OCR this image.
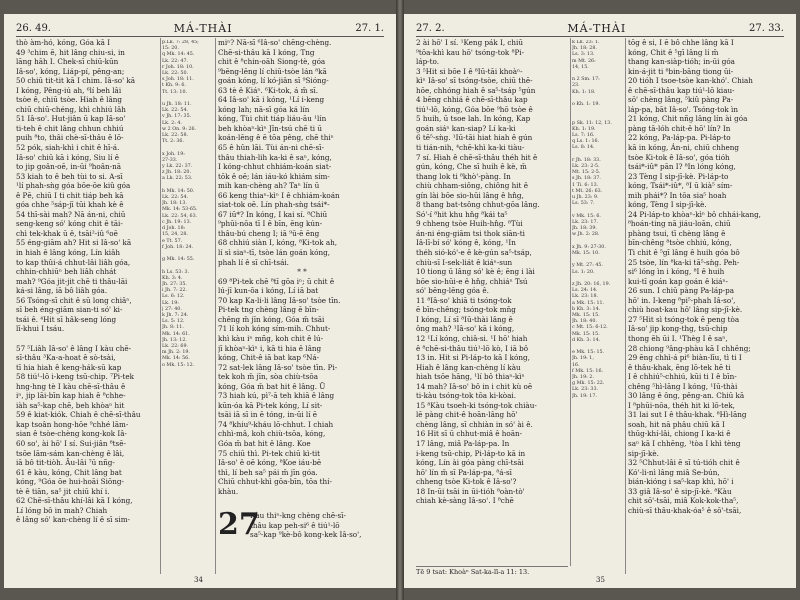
26. 49.	MÁ-THÀI	27. 1.
thò àm-hó, kóng, Góa kā I
49 ³chim ē, hit lâng chiu-si, in
lāng hāh I. Chek-sī chiū-kūn
Iâ-so', kóng, Liáp-pí, pêng-an;
50 chiū tit-tit kā I chim. Iâ-so' kā
I kóng, Pêng-iú ah, ⁶lí beh lâi
tsòe ê, chiū tsòe. Hiah ê lâng
chiū chiū-chéng, khì chhiú lâh
51 Iâ-so'. Hut-jiân ū kap Iâ-so'
ti-teh ê chit lâng chhun chhiú
puih ⁸to, thâi chè-sī-thâu ê lō-
52 pók, siah-khì i chit ê hī-á.
Iâ-so' chiū kā i kóng, Siu lí ê
to jip goân-oē, in-ūi ⁹hoân-nā
53 kiah to ê beh tùi to si. A-sī
¹lí phah-sǹg góa bōe-ōe kiû góa
ê Pē, chiū I ti chit tiáp beh kā
góa chhe ⁵sáp-jī tūi khah kè ê
54 thī-sài mah? Nā án-ni, chiū
seng-keng só' kóng chit ê tāi-
chì tek-khak ū ê, tsāi²-iû ⁶oē
55 éng-giām ah? Hit si Iâ-so' kā
in hiah ê lâng kóng, Lín kiâh
to kap thûi-á chhut-lâi liâh góa,
chhin-chhiūⁿ beh liâh chhát
mah? ⁹Góa jit-jit chē ti thâu-lāi
ká-si lâng, iā bô liâh góa.
56 Tsóng-sī chit ê sū long chiâⁿ,
sī beh éng-giām sian-ti só' ki-
tsái ê. ⁴Hit sī hâk-seng lóng
lī-khui I tsáu.

57 ⁵Liâh Iâ-so' ê lâng I kàu chē-
sī-thâu ³Ka-a-hoat ê sò-tsài,
tī hia hiah ê keng-hák-sū kap
58 tiú¹-lō i-keng tsū-chip. ⁷Pi-tek
hng-hng tè I kàu chē-sī-thâu ê
iⁿ, jip lāi-bīn kap hiah ê ⁸chhe-
iàh sa⁵-kap chē, beh khòaⁿ hit
59 ê kiat-kiók. Chiah ê chē-sī-thâu
kap tsoân hong-hōe ⁹chhé lām-
sian ê tsòe-chèng kong-kok Iâ-
60 so', ài hō' I sí. Sui-jiân ⁸tsē-
tsōe lām-sám kan-chèng ê lâi,
iā bô tit-tiòh. Āu-lâi ⁷ū nñg-
61 ê kàu, kóng, Chit lâng bat
kóng, ⁹Góa ōe hui-hoāi Siōng-
tè ê tiān, sa⁵ jit chiū khí i.
62 Chē-sī-thâu khí-lâi kā I kóng,
Lí lóng bô in mah? Chiah
ê lâng só' kan-chèng lí ê sī sim-
p.Lk. 7: 28, 45;
15: 20.
q Mk. 14: 45.
Lk. 22: 47.
r Joh. 18: 10.
Lk. 22: 50.
s Joh. 18: 11.
t Kh. 9: 6.
Tt. 13: 10.

u Jh. 18: 11.
Lk. 22: 54.
v Jh. 17: 35.
Lk. 2: 4.
w 2 On. 9: 26.
Lk. 22: 58.
Tt. 2: 36.

x Joh. 19:
27-33.
y Lk. 22: 37.
z Jh. 18: 20.
a Lk. 22: 53.

b Mk. 14: 50.
Lk. 22: 54.
Jh. 18: 13.
Mk. 14: 53-65.
Lk. 22: 54, 63.
c Jh. 19: 13.
d Joh. 18:
15, 24, 28.
e Tt. 57.
f Joh. 18: 24.

g Mk. 14: 55.

h Ls. 53: 3.
Kh. 3: 4.
Jh. 27: 35.
i Jh. 7: 22.
Ls. 6: 12.
Lk. 19:
j 27: 40.
k Jh. 7: 24.
Ls. 5: 12.
Jh. 8: 11.
Mk. 14: 61.
Jh. 13: 12.
Lk. 22: 69.
m Jh. 2: 19.
Mk. 14: 56.
o Mk. 15: 12.
miⁿ? Nā-sī ⁶Iâ-so' chēng-chèng.
Chē-si-thâu kā I kóng, Tng
chit ê ⁸chin-oāh Siong-tè, góa
⁹bēng-lēng lí chiū-tsòe lán ⁸kā
goán kóng, lí kó-jiân sī ⁹Sióng-
63 tè ê Kiáⁿ. ⁶Ki-tok, á m̄ sī.
64 Iâ-so' kā i kóng, ¹Lí i-keng
kóng lah; nā-sī góa ká lín
kóng, Tùi chit tiáp liáu-āu ¹lín
beh khòaⁿ-kìⁿ Jîn-tsú chē ti ū
koán-lēng ê ē tōa pêng, chē thiⁿ
65 ê hûn lāi. Tùi án-ni chē-sī-
thâu thiah-lih ka-ki ê saⁿ, kóng,
I kóng-chhut chhiám-koán siat-
tōk ê oē; lán iáu-kó khiám sím-
mih kan-chèng ah? Taⁿ lín ū
66 keng thiaⁿ-kìⁿ I ê chhiám-koán
siat-tok oē. Lín phah-sǹg tsái*-
67 iū*? In kóng, I kai sí. ⁸Chiū
⁹phūi-nōa tī I ê bīn, ēng kún-
thâu-bú cheng I; iā ⁹ū-ē ēng
68 chhiú siàn I, kóng, ⁸Ki-tok ah,
lí sì siaⁿ-tī, tsòe lán goán kóng,
phah lí ê sī chī-tsái.
* *
69 ⁸Pi-tek chē ⁸tī gōa iⁿ; ū chit ê
lú-jī kun-ōa i kóng, Lí iā bat
70 kap Ka-li-li lâng Iâ-so' tsòe tīn.
Pi-tek tng chèng lâng ē bīn-
chêng m̄ jīn kóng, Góa m̄ tsāi
71 lí koh kóng sím-mih. Chhut-
khì kàu iⁿ mñg, koh chit ê lú-
jī khòaⁿ-kìⁿ i, kā ti hia ê lâng
kóng, Chit-ê iā bat kap ⁶Ná-
72 sat-lek lâng Iâ-so' tsòe tīn. Pi-
tek koh m̄ jīn, sòa chiù-tsōa
kóng, Góa m̄ bat hit ê lâng. Ū
73 hiah kú, pì⁷-ā teh khiā ê lâng
kūn-óa kā Pi-tek kóng, Lí sit-
tsāi iā sī in ē tóng, in-ūi lí ē
74 ⁸khiu⁹-kháu lō-chhut. I chiah
chhì-mâ, koh chiù-tsōa, kóng,
Góa m̄ bat hit ê lâng. Koe
75 chiū thì. Pi-tek chiū kì-tit
Iâ-so' ê oē kóng, ⁸Koe iáu-bē
thì, lí beh sa⁵ pái m̄ jīn góa.
Chiū chhut-khì gōa-bīn, tōa thí-
khàu.
27
Kàu thiⁿ-kng chèng chē-sī-
thâu kap peh-si⁶ ê tiú¹-lō
sa⁵-kap ⁹kè-bô kong-kek Iâ-so',
34
27. 2.	MÁ-THÀI	27. 33.
2 ài hō' I sí. ¹Keng pák I, chiū
⁹tōa-khì kau hō' tsóng-tok ⁸Pi-
láp-to.
3 ⁵Hit si bōe I ê ⁸Iū-tāi khoàⁿ-
kìⁿ Iâ-so' sī tsóng-tsòe, chiū thē-
hōe, chhóng hiah ê sa⁵-tsáp ⁵gún
4 bēng chhiá ê chē-sī-thâu kap
tiú¹-lō, kóng, Góa bōe ⁹hō tsòe ê
5 huih, ū tsoe lah. In kóng, Kap
goán siáⁿ kan-siap? Lí ka-ki
6 tē⁵-sǹg. ¹Iū-tāi hiat hiah ê gún
ti tián-nih, ⁴chē-khì ka-ki tiàu-
7 sí. Hiah ê chē-sī-thâu théh hit ê
gún, kóng, Che sī huih ê kè, m̄
thang lok ti ⁸khò'-pàng. In
chiù chham-siông, chiông hit ê
gín lài bōe sio-hūi lâng ê hn̂g,
8 thang bat-tsông chhut-gōa lâng.
Só'-í ⁸hit khu hn̂g ⁸kái ta⁵
9 chheng tsòe Huih-hn̂g. ⁸Tùi
án-ni éng-giām tsi thok siān-ti
Iâ-lī-bí só' kóng ê, kóng, ¹In
théh sió-kó'-e ê kè-gún sa⁵-tsáp,
chiù-sī I-sek-liát ê kiáⁿ-sun
10 tiong ū lâng só' kè ê; ēng i lài
bōe sio-hūi-e ê hn̂g, chhiáⁿ Tsú
só' bēng-lēng góa ê.
11 ⁸Iâ-so' khiā ti tsóng-tok
ē bīn-chêng; tsóng-tok mn̄g
I kóng, Lí sī ⁸Iū-thài lâng ê
ông mah? ¹Iâ-so' kā i kóng,
12 ¹Lí kóng, chiâ-si. ¹I hō' hiah
ê ⁸chē-si-thâu tiú¹-lō kò, I iā bô
13 in. Hit si Pi-láp-to kā I kóng,
Hiah ê lâng kan-chèng lí kàu
hiah tsōe hāng, ¹lí bô thiaⁿ-kìⁿ
14 mah? Iâ-so' bô in i chit kù oē
ti-kàu tsóng-tok tōa ki-kòai.
15 ⁸Kàu tsoeh-ki tsóng-tok chiàu-
lē pàng chit-ê hoān-lâng hō'
chèng lâng, sī chhiàn in só' ài ê.
16 Hit sī ū chhut-miâ ê hoān-
17 lâng, miâ Pa-láp-pa. In
i-keng tsū-chip, Pi-láp-to kā in
kóng, Lín ài góa pàng chī-tsāi
hō' lín m̄ sī Pa-láp-pa, ⁸á-sī
chheng tsòe Ki-tok ê Iâ-so'?
18 In-ūi tsāi in ūi-tióh ⁸oàn-tò'
chiah kè-sàng Iâ-so'. I ⁸chē
k Lk. 23: 1.
Jh. 18: 28.
Ls. 3: 13.
m Mt. 26:
14, 15.

n 2 Sm. 17:
23.
Kh. 1: 18.

o Kh. 1: 19.

p Sk. 11: 12, 13.
Kh. 1: 19.
Ls. 7: 16.
q Ls. 1: 16.
Ls. 8: 14.

r Jh. 18: 33.
Lk. 23: 2-5.
Mt. 15: 2-5.
s Jh. 18: 37.
1 Ti. 6: 13.
t Mt. 26: 63.
u Jh. 23: 9.
Ls. 53: 7.

v Mk. 15: 6.
Lk. 23: 17.
Jh. 18: 39.
w Jh. 2: 28.

x Jh. 9: 27-30.
Mk. 15: 10.

y Mt. 27: 45.
Ls. 1: 20.

z Jh. 20: 16, 19.
Ls. 24: 14.
Lk. 23: 18.
a Mk. 15: 11.
b Kh. 3: 14.
Mk. 15: 15.
Jh. 18: 40.
c Mt. 15: 6-12.
Mk. 15: 15.
d Kh. 3: 14.

e Mk. 15: 15.
Jh. 19: 1,
16.
f Mk. 15: 16.
Jh. 19: 2.
g Mk. 15: 22.
Lk. 23: 33.
Jh. 19: 17.
tōg ê si, I ē bô chhe lâng kā I
kóng, Chit ê ⁵gī lâng lí m̄
thang kan-siàp-tióh; in-ūi góa
kin-á-jit ti ⁸bin-bāng tiong ūi-
20 tióh I tsoe-tsòe kan-khó'. Chiah
ê chē-sī-thâu kap tiú¹-lō kiau-
sō' chèng lâng, ⁵kiû pàng Pa-
láp-pa, bāt Iâ-so'. Tsóng-tok ìn
21 kóng, Chit nñg lâng lín ài góa
pàng tā-lóh chit-ê hō' lín? In
22 kóng, Pa-láp-pa. Pi-láp-to
kā in kóng, Án-ni, chiū chheng
tsòe Ki-tok ê Iâ-so', góa tióh
tsái*-iû* pān I? ⁸In lóng kóng,
23 Tèng I sip-jī-kè. Pi-láp-to
kóng, Tsái*-iû*, ⁸I ū kià⁵ sím-
mih phái*? In tōa sia⁵ hoah
kóng, Tèng I sip-jī-kè.
24 Pi-láp-to khòaⁿ-kìⁿ bô chhái-kang,
⁸hoán-ting nā jiáu-loān, chiū
phàng tsui, tī chèng lâng ê
bīn-chêng ⁸tsòe chhiú, kóng,
Ti chit ê ⁵gī lâng ê huih góa bô
25 tsòe, lín ⁸ka-ki tā⁵-sǹg. Peh-
si⁶ lóng ìn i kóng, ⁸I ê huih
kui-tī goán kap goán ê kiáⁿ-
26 sun. I chiū pàng Pa-láp-pa
hō' in. I-keng ⁸pi⁵-phah Iâ-so',
chiù hoat-kau hō' lâng sip-jī-kè.
27 ⁵Hit sì tsóng-tok ē peng tòa
Iâ-so' jip kong-thg, tsū-chip
thong ēh ūi I. ¹Thèg I ê saⁿ,
28 chiong ⁹âng-phàu kā I chhēng;
29 ēng chhì-á pi⁶ biàn-līu, tì ti I
ê thâu-khak, ēng lō-tek hē ti
I ê chhiú⁵-chhiú, kūi ti I ê bīn-
chêng ⁵hì-lāng I kóng, ¹Iū-thài
30 lâng ê ông, pêng-an. Chiū kā
I ⁸phūi-nōa, théh hit ki lō-tek,
31 lai sut I ê thâu-khak. ⁸Hì-lāng
soah, hit nā phâu chiū kā I
thūg-khí-lâi, chiong I ka-ki ê
saⁿ kā I chhēng, ¹tòa I khì tèng
sip-jī-kè.
32 ⁵Chhut-lâi ē sī tú-tióh chit ê
Kó'-li-nì lâng miâ Se-bún,
bián-kióng i sa⁵-kap khì, hō' i
33 giâ Iâ-so' ê sip-jī-kè. ⁸Kàu
chit sō'-tsāi, miâ Kok-kok-tha⁵,
chiù-sī thâu-khak-óa⁵ ê sō'-tsāi,
Tē 9 tsat: Khoàⁿ Sat-ka-lī-a 11: 13.
35
